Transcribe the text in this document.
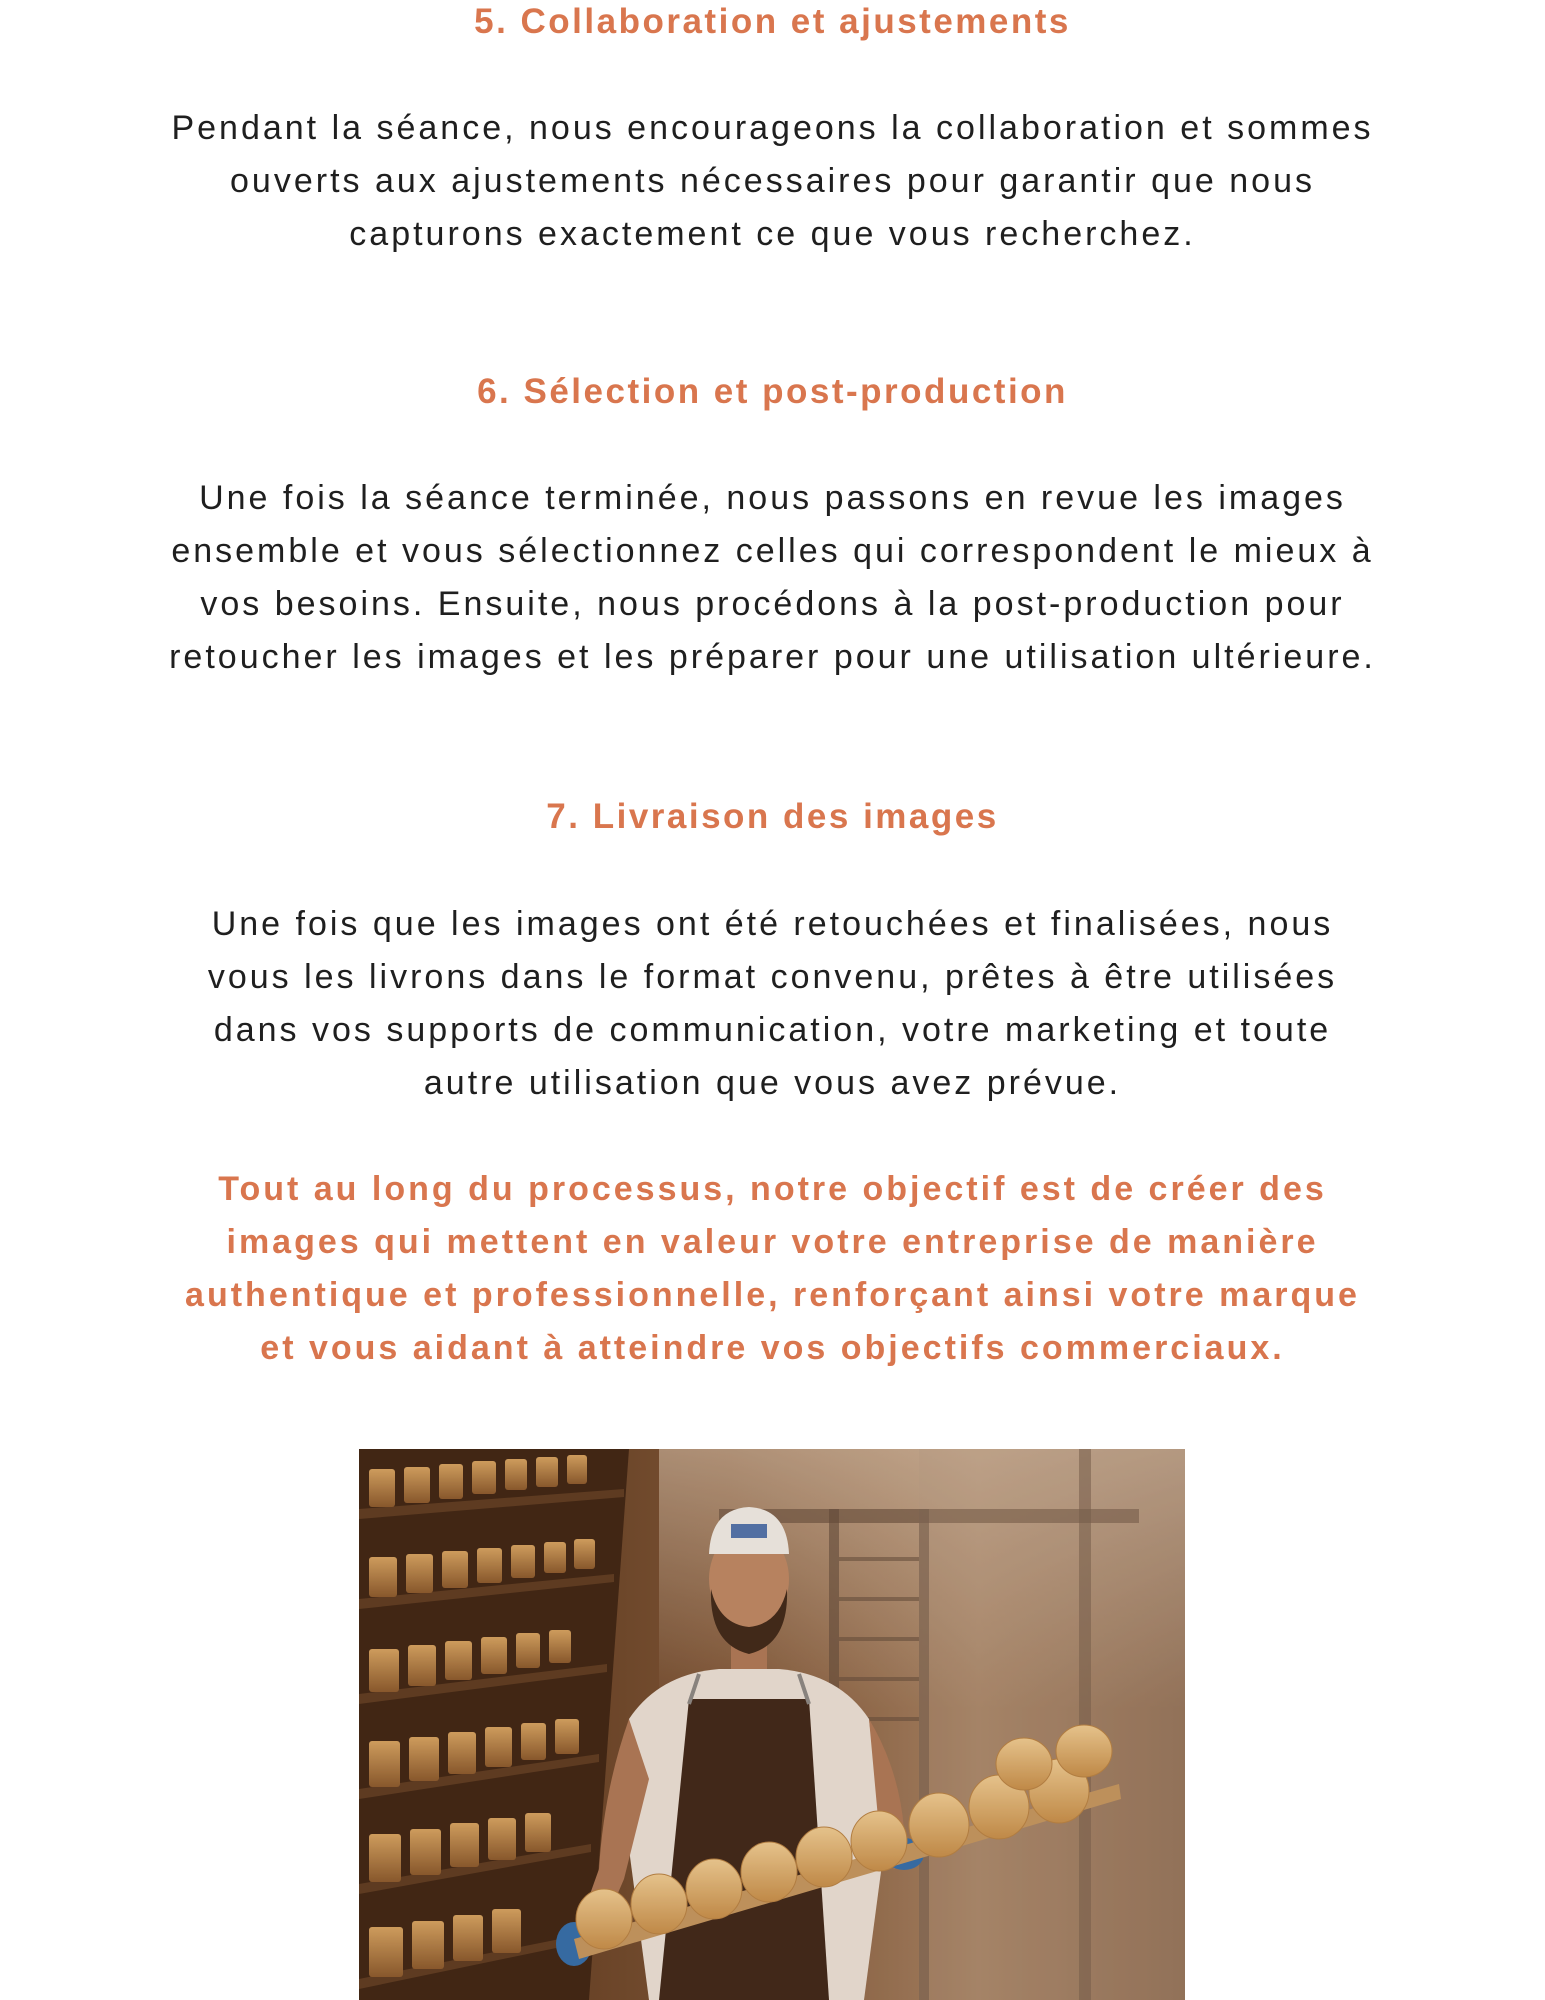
5. Collaboration et ajustements

Pendant la séance, nous encourageons la collaboration et sommes ouverts aux ajustements nécessaires pour garantir que nous capturons exactement ce que vous recherchez.

6. Sélection et post-production

Une fois la séance terminée, nous passons en revue les images ensemble et vous sélectionnez celles qui correspondent le mieux à vos besoins. Ensuite, nous procédons à la post-production pour retoucher les images et les préparer pour une utilisation ultérieure.

7. Livraison des images

Une fois que les images ont été retouchées et finalisées, nous vous les livrons dans le format convenu, prêtes à être utilisées dans vos supports de communication, votre marketing et toute autre utilisation que vous avez prévue.

Tout au long du processus, notre objectif est de créer des images qui mettent en valeur votre entreprise de manière authentique et professionnelle, renforçant ainsi votre marque et vous aidant à atteindre vos objectifs commerciaux.
